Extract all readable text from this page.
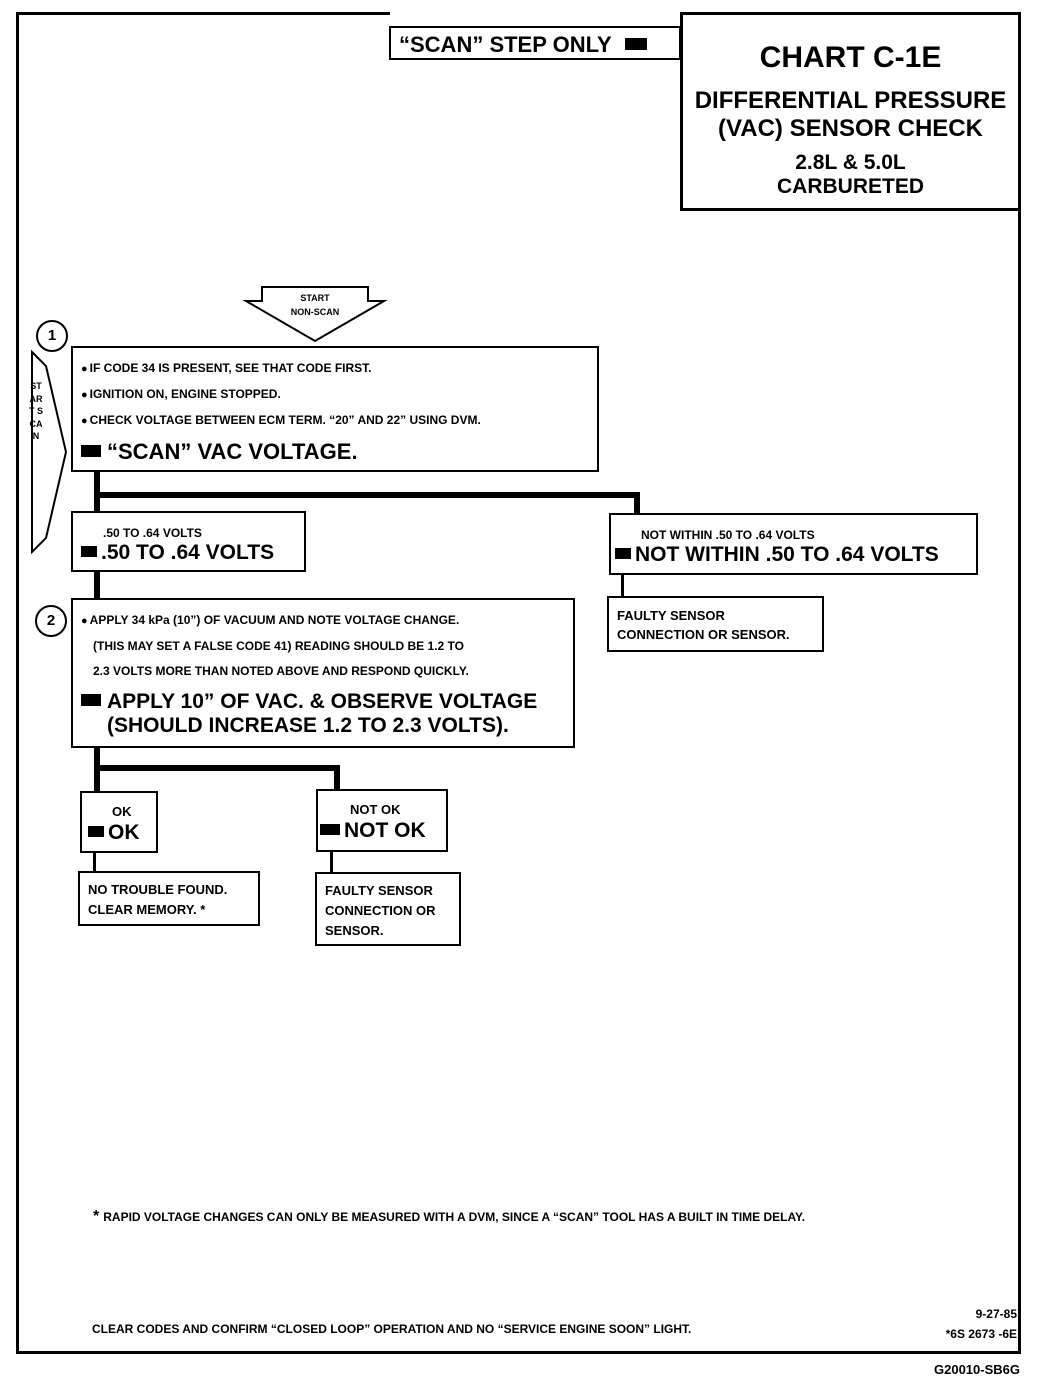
“SCAN” STEP ONLY	CHART C-1E
DIFFERENTIAL PRESSURE
(VAC) SENSOR CHECK
2.8L & 5.0L
CARBURETED
START
NON-SCAN
START SCAN
1
● IF CODE 34 IS PRESENT, SEE THAT CODE FIRST.
● IGNITION ON, ENGINE STOPPED.
● CHECK VOLTAGE BETWEEN ECM TERM. “20” AND 22” USING DVM.
“SCAN” VAC VOLTAGE.
.50 TO .64 VOLTS
.50 TO .64 VOLTS
NOT WITHIN .50 TO .64 VOLTS
NOT WITHIN .50 TO .64 VOLTS
FAULTY SENSOR
CONNECTION OR SENSOR.
2	● APPLY 34 kPa (10”) OF VACUUM AND NOTE VOLTAGE CHANGE.
(THIS MAY SET A FALSE CODE 41) READING SHOULD BE 1.2 TO
2.3 VOLTS MORE THAN NOTED ABOVE AND RESPOND QUICKLY.
APPLY 10” OF VAC. & OBSERVE VOLTAGE
(SHOULD INCREASE 1.2 TO 2.3 VOLTS).
OK
OK
NO TROUBLE FOUND.
CLEAR MEMORY. *
NOT OK
NOT OK
FAULTY SENSOR
CONNECTION OR
SENSOR.
* RAPID VOLTAGE CHANGES CAN ONLY BE MEASURED WITH A DVM, SINCE A “SCAN” TOOL HAS A BUILT IN TIME DELAY.
CLEAR CODES AND CONFIRM “CLOSED LOOP” OPERATION AND NO “SERVICE ENGINE SOON” LIGHT.
9-27-85
*6S 2673 -6E
G20010-SB6G
